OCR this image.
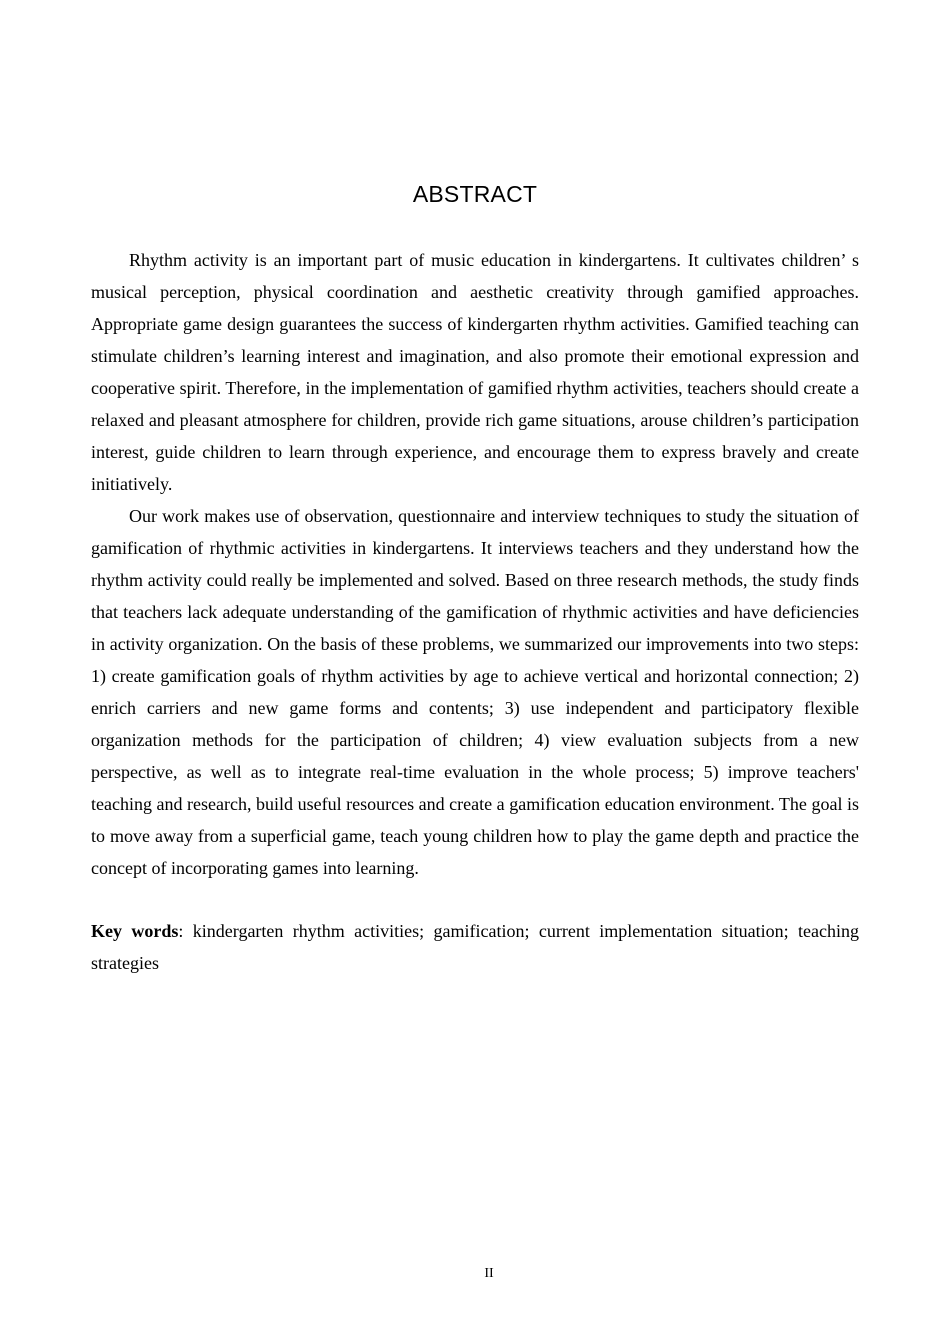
ABSTRACT

Rhythm activity is an important part of music education in kindergartens. It cultivates children’ s musical perception, physical coordination and aesthetic creativity through gamified approaches. Appropriate game design guarantees the success of kindergarten rhythm activities. Gamified teaching can stimulate children’s learning interest and imagination, and also promote their emotional expression and cooperative spirit. Therefore, in the implementation of gamified rhythm activities, teachers should create a relaxed and pleasant atmosphere for children, provide rich game situations, arouse children’s participation interest, guide children to learn through experience, and encourage them to express bravely and create initiatively.

Our work makes use of observation, questionnaire and interview techniques to study the situation of gamification of rhythmic activities in kindergartens. It interviews teachers and they understand how the rhythm activity could really be implemented and solved. Based on three research methods, the study finds that teachers lack adequate understanding of the gamification of rhythmic activities and have deficiencies in activity organization. On the basis of these problems, we summarized our improvements into two steps: 1) create gamification goals of rhythm activities by age to achieve vertical and horizontal connection; 2) enrich carriers and new game forms and contents; 3) use independent and participatory flexible organization methods for the participation of children; 4) view evaluation subjects from a new perspective, as well as to integrate real-time evaluation in the whole process; 5) improve teachers' teaching and research, build useful resources and create a gamification education environment. The goal is to move away from a superficial game, teach young children how to play the game depth and practice the concept of incorporating games into learning.

Key words: kindergarten rhythm activities; gamification; current implementation situation; teaching strategies

II
